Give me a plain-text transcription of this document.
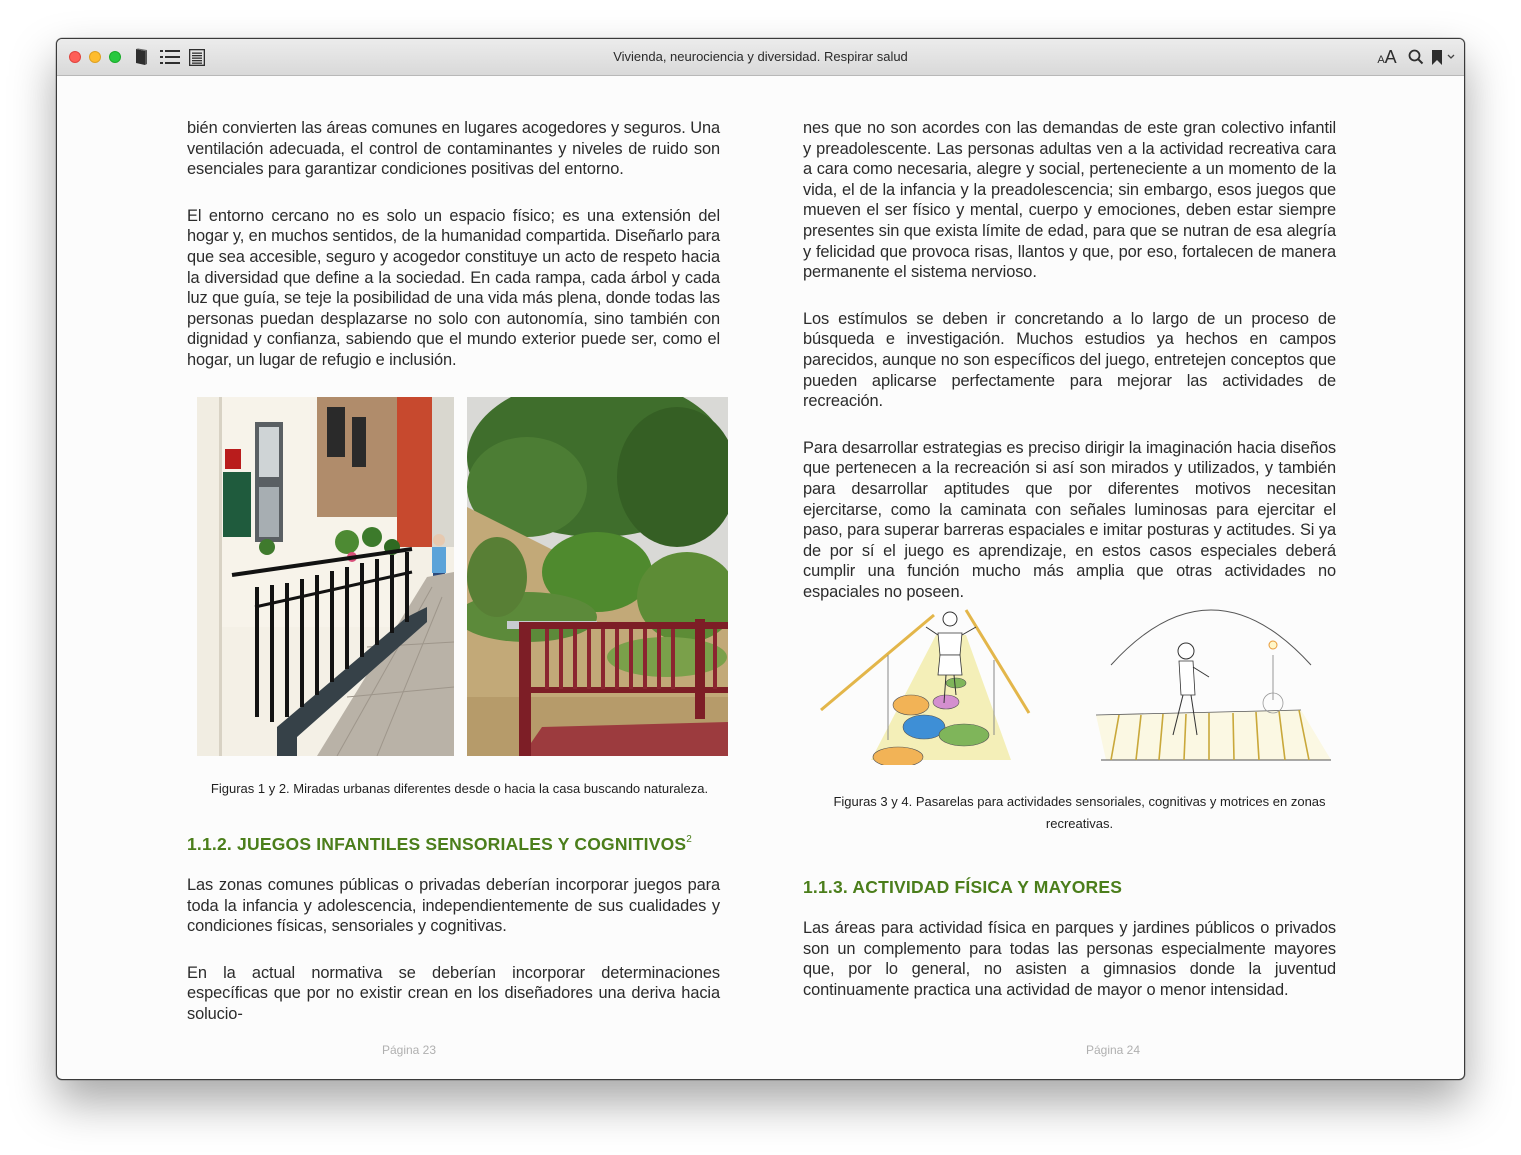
Vivienda, neurociencia y diversidad. Respirar salud	A A

bién convierten las áreas comunes en lugares acogedores y seguros. Una ventilación adecuada, el control de contaminantes y niveles de ruido son esenciales para garantizar condiciones positivas del entorno.

El entorno cercano no es solo un espacio físico; es una extensión del hogar y, en muchos sentidos, de la humanidad compartida. Diseñarlo para que sea accesible, seguro y acogedor constituye un acto de respeto hacia la diversidad que define a la sociedad. En cada rampa, cada árbol y cada luz que guía, se teje la posibilidad de una vida más plena, donde todas las personas puedan desplazarse no solo con autonomía, sino también con dignidad y confianza, sabiendo que el mundo exterior puede ser, como el hogar, un lugar de refugio e inclusión.

Figuras 1 y 2. Miradas urbanas diferentes desde o hacia la casa buscando naturaleza.
1.1.2. JUEGOS INFANTILES SENSORIALES Y COGNITIVOS$^2$

Las zonas comunes públicas o privadas deberían incorporar juegos para toda la infancia y adolescencia, independientemente de sus cualidades y condiciones físicas, sensoriales y cognitivas.

En la actual normativa se deberían incorporar determinaciones específicas que por no existir crean en los diseñadores una deriva hacia solucio-

Página 23

nes que no son acordes con las demandas de este gran colectivo infantil y preadolescente. Las personas adultas ven a la actividad recreativa cara a cara como necesaria, alegre y social, perteneciente a un momento de la vida, el de la infancia y la preadolescencia; sin embargo, esos juegos que mueven el ser físico y mental, cuerpo y emociones, deben estar siempre presentes sin que exista límite de edad, para que se nutran de esa alegría y felicidad que provoca risas, llantos y que, por eso, fortalecen de manera permanente el sistema nervioso.

Los estímulos se deben ir concretando a lo largo de un proceso de búsqueda e investigación. Muchos estudios ya hechos en campos parecidos, aunque no son específicos del juego, entretejen conceptos que pueden aplicarse perfectamente para mejorar las actividades de recreación.

Para desarrollar estrategias es preciso dirigir la imaginación hacia diseños que pertenecen a la recreación si así son mirados y utilizados, y también para desarrollar aptitudes que por diferentes motivos necesitan ejercitarse, como la caminata con señales luminosas para ejercitar el paso, para superar barreras espaciales e imitar posturas y actitudes. Si ya de por sí el juego es aprendizaje, en estos casos especiales deberá cumplir una función mucho más amplia que otras actividades no espaciales no poseen.

Figuras 3 y 4. Pasarelas para actividades sensoriales, cognitivas y motrices en zonas recreativas.
1.1.3. ACTIVIDAD FÍSICA Y MAYORES

Las áreas para actividad física en parques y jardines públicos o privados son un complemento para todas las personas especialmente mayores que, por lo general, no asisten a gimnasios donde la juventud continuamente practica una actividad de mayor o menor intensidad.

Página 24
